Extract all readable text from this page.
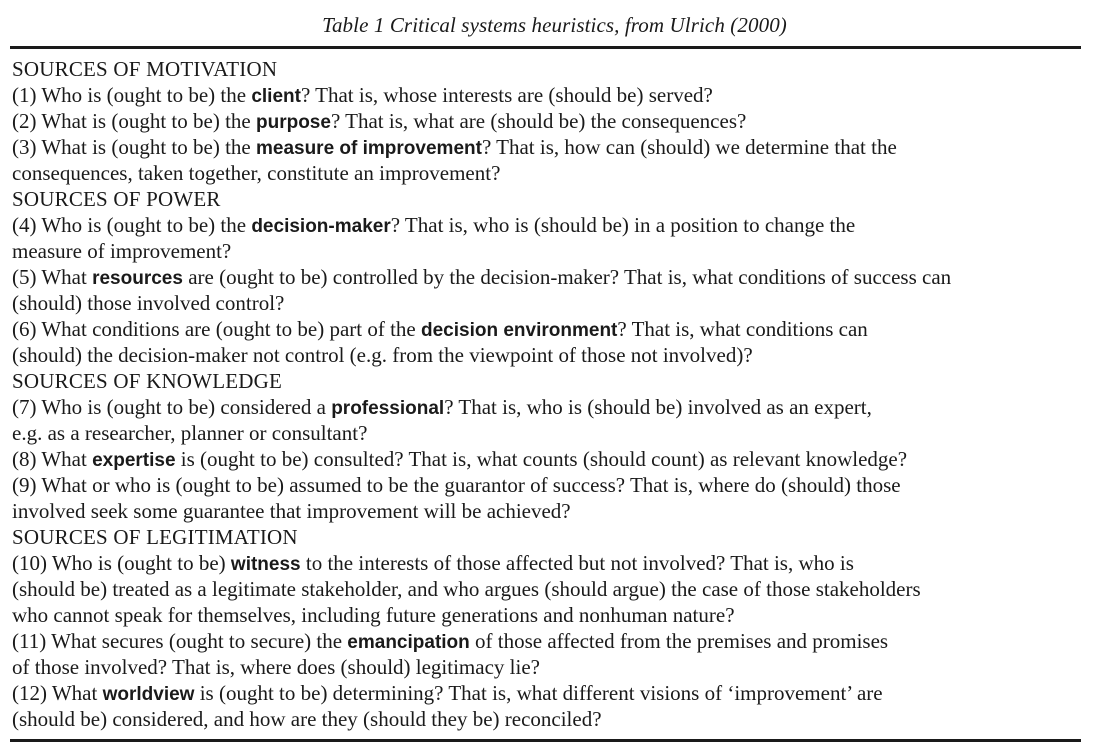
Table 1 Critical systems heuristics, from Ulrich (2000)
SOURCES OF MOTIVATION
(1) Who is (ought to be) the client? That is, whose interests are (should be) served?
(2) What is (ought to be) the purpose? That is, what are (should be) the consequences?
(3) What is (ought to be) the measure of improvement? That is, how can (should) we determine that the
consequences, taken together, constitute an improvement?
SOURCES OF POWER
(4) Who is (ought to be) the decision-maker? That is, who is (should be) in a position to change the
measure of improvement?
(5) What resources are (ought to be) controlled by the decision-maker? That is, what conditions of success can
(should) those involved control?
(6) What conditions are (ought to be) part of the decision environment? That is, what conditions can
(should) the decision-maker not control (e.g. from the viewpoint of those not involved)?
SOURCES OF KNOWLEDGE
(7) Who is (ought to be) considered a professional? That is, who is (should be) involved as an expert,
e.g. as a researcher, planner or consultant?
(8) What expertise is (ought to be) consulted? That is, what counts (should count) as relevant knowledge?
(9) What or who is (ought to be) assumed to be the guarantor of success? That is, where do (should) those
involved seek some guarantee that improvement will be achieved?
SOURCES OF LEGITIMATION
(10) Who is (ought to be) witness to the interests of those affected but not involved? That is, who is
(should be) treated as a legitimate stakeholder, and who argues (should argue) the case of those stakeholders
who cannot speak for themselves, including future generations and nonhuman nature?
(11) What secures (ought to secure) the emancipation of those affected from the premises and promises
of those involved? That is, where does (should) legitimacy lie?
(12) What worldview is (ought to be) determining? That is, what different visions of ‘improvement’ are
(should be) considered, and how are they (should they be) reconciled?
